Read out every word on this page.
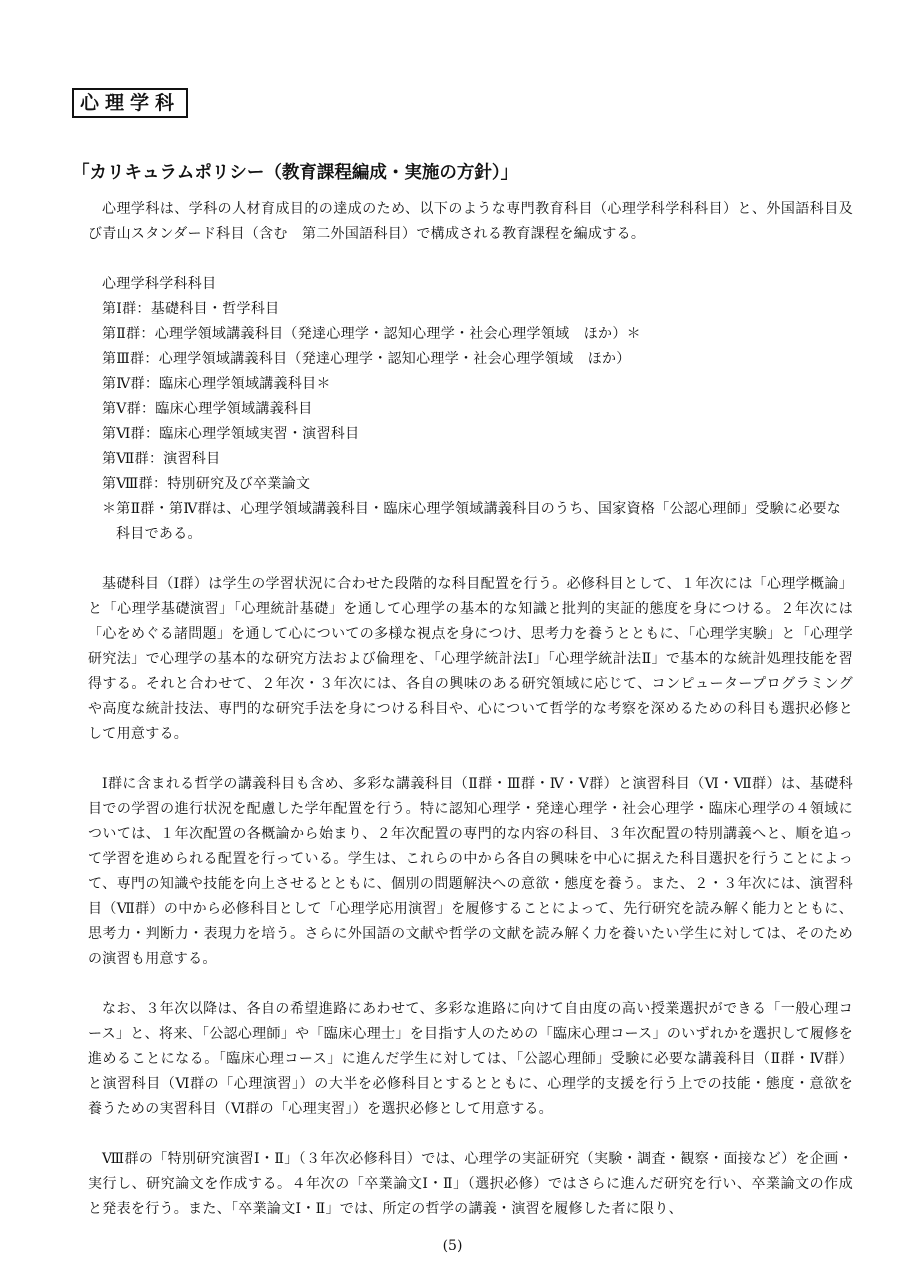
心理学科
「カリキュラムポリシー（教育課程編成・実施の方針）」

心理学科は、学科の人材育成目的の達成のため、以下のような専門教育科目（心理学科学科科目）と、外国語科目及び青山スタンダード科目（含む　第二外国語科目）で構成される教育課程を編成する。

心理学科学科科目
第Ⅰ群：基礎科目・哲学科目
第Ⅱ群：心理学領域講義科目（発達心理学・認知心理学・社会心理学領域　ほか）＊
第Ⅲ群：心理学領域講義科目（発達心理学・認知心理学・社会心理学領域　ほか）
第Ⅳ群：臨床心理学領域講義科目＊
第Ⅴ群：臨床心理学領域講義科目
第Ⅵ群：臨床心理学領域実習・演習科目
第Ⅶ群：演習科目
第Ⅷ群：特別研究及び卒業論文
＊第Ⅱ群・第Ⅳ群は、心理学領域講義科目・臨床心理学領域講義科目のうち、国家資格「公認心理師」受験に必要な科目である。

基礎科目（Ⅰ群）は学生の学習状況に合わせた段階的な科目配置を行う。必修科目として、１年次には「心理学概論」と「心理学基礎演習」「心理統計基礎」を通して心理学の基本的な知識と批判的実証的態度を身につける。２年次には「心をめぐる諸問題」を通して心についての多様な視点を身につけ、思考力を養うとともに、「心理学実験」と「心理学研究法」で心理学の基本的な研究方法および倫理を、「心理学統計法Ⅰ」「心理学統計法Ⅱ」で基本的な統計処理技能を習得する。それと合わせて、２年次・３年次には、各自の興味のある研究領域に応じて、コンピュータープログラミングや高度な統計技法、専門的な研究手法を身につける科目や、心について哲学的な考察を深めるための科目も選択必修として用意する。

Ⅰ群に含まれる哲学の講義科目も含め、多彩な講義科目（Ⅱ群・Ⅲ群・Ⅳ・Ⅴ群）と演習科目（Ⅵ・Ⅶ群）は、基礎科目での学習の進行状況を配慮した学年配置を行う。特に認知心理学・発達心理学・社会心理学・臨床心理学の４領域については、１年次配置の各概論から始まり、２年次配置の専門的な内容の科目、３年次配置の特別講義へと、順を追って学習を進められる配置を行っている。学生は、これらの中から各自の興味を中心に据えた科目選択を行うことによって、専門の知識や技能を向上させるとともに、個別の問題解決への意欲・態度を養う。また、２・３年次には、演習科目（Ⅶ群）の中から必修科目として「心理学応用演習」を履修することによって、先行研究を読み解く能力とともに、思考力・判断力・表現力を培う。さらに外国語の文献や哲学の文献を読み解く力を養いたい学生に対しては、そのための演習も用意する。

なお、３年次以降は、各自の希望進路にあわせて、多彩な進路に向けて自由度の高い授業選択ができる「一般心理コース」と、将来、「公認心理師」や「臨床心理士」を目指す人のための「臨床心理コース」のいずれかを選択して履修を進めることになる。「臨床心理コース」に進んだ学生に対しては、「公認心理師」受験に必要な講義科目（Ⅱ群・Ⅳ群）と演習科目（Ⅵ群の「心理演習」）の大半を必修科目とするとともに、心理学的支援を行う上での技能・態度・意欲を養うための実習科目（Ⅵ群の「心理実習」）を選択必修として用意する。

Ⅷ群の「特別研究演習Ⅰ・Ⅱ」（３年次必修科目）では、心理学の実証研究（実験・調査・観察・面接など）を企画・実行し、研究論文を作成する。４年次の「卒業論文Ⅰ・Ⅱ」（選択必修）ではさらに進んだ研究を行い、卒業論文の作成と発表を行う。また、「卒業論文Ⅰ・Ⅱ」では、所定の哲学の講義・演習を履修した者に限り、

(5)
